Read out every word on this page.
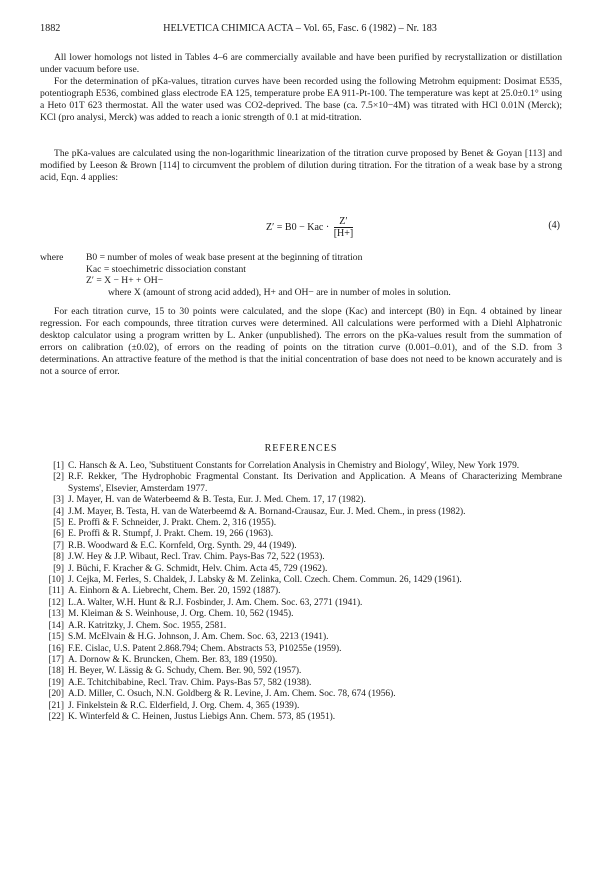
1882	HELVETICA CHIMICA ACTA – Vol. 65, Fasc. 6 (1982) – Nr. 183

All lower homologs not listed in Tables 4–6 are commercially available and have been purified by recrystallization or distillation under vacuum before use.

For the determination of pKa-values, titration curves have been recorded using the following Metrohm equipment: Dosimat E535, potentiograph E536, combined glass electrode EA 125, temperature probe EA 911-Pt-100. The temperature was kept at 25.0±0.1° using a Heto 01T 623 thermostat. All the water used was CO2-deprived. The base (ca. 7.5×10−4M) was titrated with HCl 0.01N (Merck); KCl (pro analysi, Merck) was added to reach a ionic strength of 0.1 at mid-titration.

The pKa-values are calculated using the non-logarithmic linearization of the titration curve proposed by Benet & Goyan [113] and modified by Leeson & Brown [114] to circumvent the problem of dilution during titration. For the titration of a weak base by a strong acid, Eqn. 4 applies:

Z′ = B0 − Kac · $\frac{Z'}{[H+]}$	(4)
where B0 = number of moles of weak base present at the beginning of titration
Kac = stoechimetric dissociation constant
Z′ = X − H+ + OH−
where X (amount of strong acid added), H+ and OH− are in number of moles in solution.

For each titration curve, 15 to 30 points were calculated, and the slope (Kac) and intercept (B0) in Eqn. 4 obtained by linear regression. For each compounds, three titration curves were determined. All calculations were performed with a Diehl Alphatronic desktop calculator using a program written by L. Anker (unpublished). The errors on the pKa-values result from the summation of errors on calibration (±0.02), of errors on the reading of points on the titration curve (0.001–0.01), and of the S.D. from 3 determinations. An attractive feature of the method is that the initial concentration of base does not need to be known accurately and is not a source of error.

REFERENCES
[1] C. Hansch & A. Leo, 'Substituent Constants for Correlation Analysis in Chemistry and Biology', Wiley, New York 1979.
[2] R.F. Rekker, 'The Hydrophobic Fragmental Constant. Its Derivation and Application. A Means of Characterizing Membrane Systems', Elsevier, Amsterdam 1977.
[3] J. Mayer, H. van de Waterbeemd & B. Testa, Eur. J. Med. Chem. 17, 17 (1982).
[4] J.M. Mayer, B. Testa, H. van de Waterbeemd & A. Bornand-Crausaz, Eur. J. Med. Chem., in press (1982).
[5] E. Proffi & F. Schneider, J. Prakt. Chem. 2, 316 (1955).
[6] E. Proffi & R. Stumpf, J. Prakt. Chem. 19, 266 (1963).
[7] R.B. Woodward & E.C. Kornfeld, Org. Synth. 29, 44 (1949).
[8] J.W. Hey & J.P. Wibaut, Recl. Trav. Chim. Pays-Bas 72, 522 (1953).
[9] J. Büchi, F. Kracher & G. Schmidt, Helv. Chim. Acta 45, 729 (1962).
[10] J. Cejka, M. Ferles, S. Chaldek, J. Labsky & M. Zelinka, Coll. Czech. Chem. Commun. 26, 1429 (1961).
[11] A. Einhorn & A. Liebrecht, Chem. Ber. 20, 1592 (1887).
[12] L.A. Walter, W.H. Hunt & R.J. Fosbinder, J. Am. Chem. Soc. 63, 2771 (1941).
[13] M. Kleiman & S. Weinhouse, J. Org. Chem. 10, 562 (1945).
[14] A.R. Katritzky, J. Chem. Soc. 1955, 2581.
[15] S.M. McElvain & H.G. Johnson, J. Am. Chem. Soc. 63, 2213 (1941).
[16] F.E. Cislac, U.S. Patent 2.868.794; Chem. Abstracts 53, P10255e (1959).
[17] A. Dornow & K. Bruncken, Chem. Ber. 83, 189 (1950).
[18] H. Beyer, W. Lässig & G. Schudy, Chem. Ber. 90, 592 (1957).
[19] A.E. Tchitchibabine, Recl. Trav. Chim. Pays-Bas 57, 582 (1938).
[20] A.D. Miller, C. Osuch, N.N. Goldberg & R. Levine, J. Am. Chem. Soc. 78, 674 (1956).
[21] J. Finkelstein & R.C. Elderfield, J. Org. Chem. 4, 365 (1939).
[22] K. Winterfeld & C. Heinen, Justus Liebigs Ann. Chem. 573, 85 (1951).
